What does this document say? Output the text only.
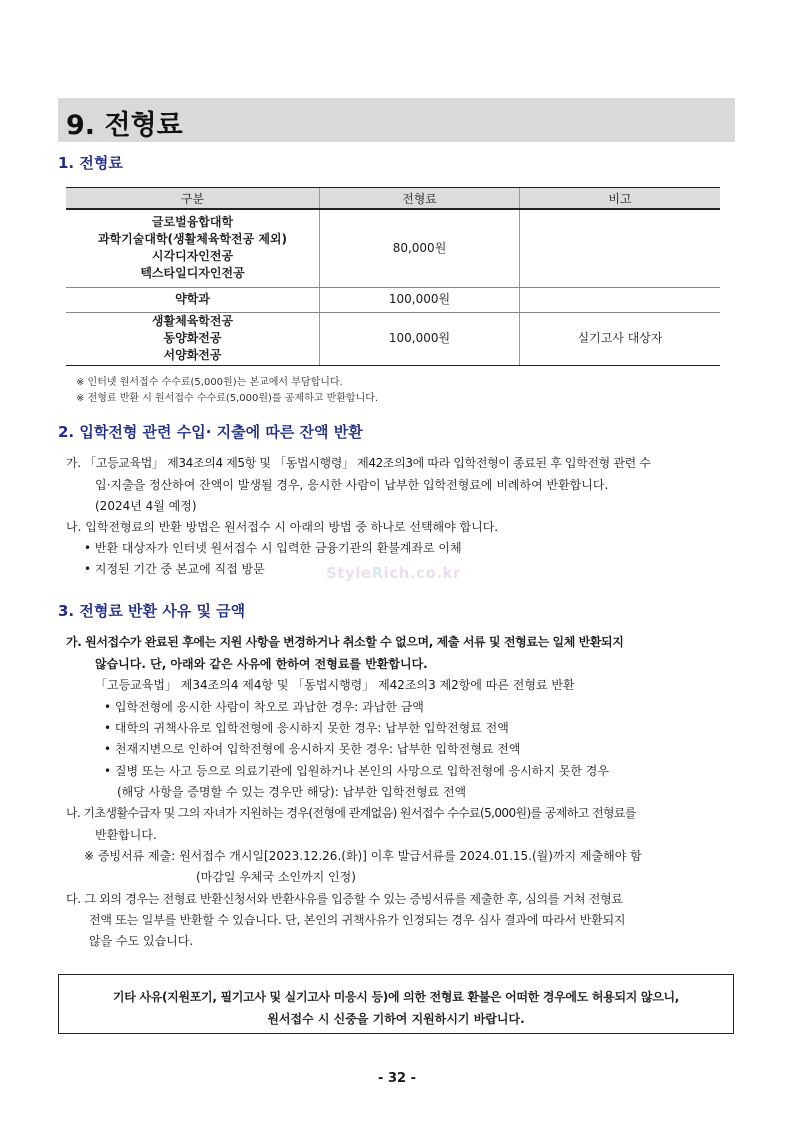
9. 전형료
1. 전형료
구분	전형료	비고

글로벌융합대학
과학기술대학(생활체육학전공 제외)
시각디자인전공
텍스타일디자인전공	80,000원	

약학과	100,000원	

생활체육학전공
동양화전공
서양화전공	100,000원	실기고사 대상자
※ 인터넷 원서접수 수수료(5,000원)는 본교에서 부담합니다.
※ 전형료 반환 시 원서접수 수수료(5,000원)를 공제하고 반환합니다.
2. 입학전형 관련 수입· 지출에 따른 잔액 반환
가. 「고등교육법」 제34조의4 제5항 및 「동법시행령」 제42조의3에 따라 입학전형이 종료된 후 입학전형 관련 수
입·지출을 정산하여 잔액이 발생될 경우, 응시한 사람이 납부한 입학전형료에 비례하여 반환합니다.
(2024년 4월 예정)
나. 입학전형료의 반환 방법은 원서접수 시 아래의 방법 중 하나로 선택해야 합니다.
• 반환 대상자가 인터넷 원서접수 시 입력한 금융기관의 환불계좌로 이체
• 지정된 기간 중 본교에 직접 방문	StyleRich.co.kr
3. 전형료 반환 사유 및 금액
가. 원서접수가 완료된 후에는 지원 사항을 변경하거나 취소할 수 없으며, 제출 서류 및 전형료는 일체 반환되지
않습니다. 단, 아래와 같은 사유에 한하여 전형료를 반환합니다.
「고등교육법」 제34조의4 제4항 및 「동법시행령」 제42조의3 제2항에 따른 전형료 반환
• 입학전형에 응시한 사람이 착오로 과납한 경우: 과납한 금액
• 대학의 귀책사유로 입학전형에 응시하지 못한 경우: 납부한 입학전형료 전액
• 천재지변으로 인하여 입학전형에 응시하지 못한 경우: 납부한 입학전형료 전액
• 질병 또는 사고 등으로 의료기관에 입원하거나 본인의 사망으로 입학전형에 응시하지 못한 경우
(해당 사항을 증명할 수 있는 경우만 해당): 납부한 입학전형료 전액
나. 기초생활수급자 및 그의 자녀가 지원하는 경우(전형에 관계없음) 원서접수 수수료(5,000원)를 공제하고 전형료를
반환합니다.
※ 증빙서류 제출: 원서접수 개시일[2023.12.26.(화)] 이후 발급서류를 2024.01.15.(월)까지 제출해야 함
(마감일 우체국 소인까지 인정)
다. 그 외의 경우는 전형료 반환신청서와 반환사유를 입증할 수 있는 증빙서류를 제출한 후, 심의를 거쳐 전형료
전액 또는 일부를 반환할 수 있습니다. 단, 본인의 귀책사유가 인정되는 경우 심사 결과에 따라서 반환되지
않을 수도 있습니다.
기타 사유(지원포기, 필기고사 및 실기고사 미응시 등)에 의한 전형료 환불은 어떠한 경우에도 허용되지 않으니,
원서접수 시 신중을 기하여 지원하시기 바랍니다.
- 32 -
